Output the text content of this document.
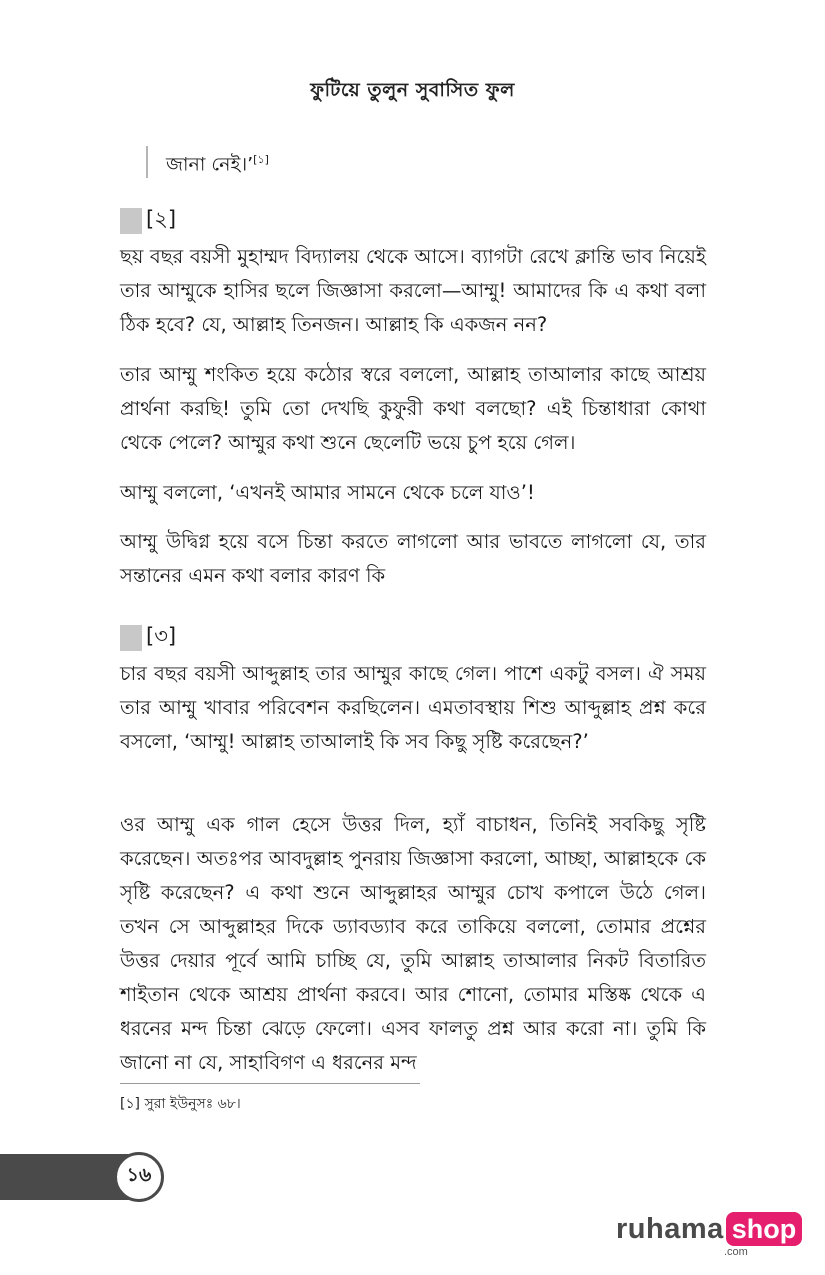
ফুটিয়ে তুলুন সুবাসিত ফুল
জানা নেই।’[১]
[২]

ছয় বছর বয়সী মুহাম্মদ বিদ্যালয় থেকে আসে। ব্যাগটা রেখে ক্লান্তি ভাব নিয়েই তার আম্মুকে হাসির ছলে জিজ্ঞাসা করলো—আম্মু! আমাদের কি এ কথা বলা ঠিক হবে? যে, আল্লাহ তিনজন। আল্লাহ কি একজন নন?

তার আম্মু শংকিত হয়ে কঠোর স্বরে বললো, আল্লাহ তাআলার কাছে আশ্রয় প্রার্থনা করছি! তুমি তো দেখছি কুফুরী কথা বলছো? এই চিন্তাধারা কোথা থেকে পেলে? আম্মুর কথা শুনে ছেলেটি ভয়ে চুপ হয়ে গেল।

আম্মু বললো, ‘এখনই আমার সামনে থেকে চলে যাও’!

আম্মু উদ্বিগ্ন হয়ে বসে চিন্তা করতে লাগলো আর ভাবতে লাগলো যে, তার সন্তানের এমন কথা বলার কারণ কি

[৩]

চার বছর বয়সী আব্দুল্লাহ তার আম্মুর কাছে গেল। পাশে একটু বসল। ঐ সময় তার আম্মু খাবার পরিবেশন করছিলেন। এমতাবস্থায় শিশু আব্দুল্লাহ প্রশ্ন করে বসলো, ‘আম্মু! আল্লাহ তাআলাই কি সব কিছু সৃষ্টি করেছেন?’

ওর আম্মু এক গাল হেসে উত্তর দিল, হ্যাঁ বাচাধন, তিনিই সবকিছু সৃষ্টি করেছেন। অতঃপর আবদুল্লাহ পুনরায় জিজ্ঞাসা করলো, আচ্ছা, আল্লাহকে কে সৃষ্টি করেছেন? এ কথা শুনে আব্দুল্লাহর আম্মুর চোখ কপালে উঠে গেল। তখন সে আব্দুল্লাহর দিকে ড্যাবড্যাব করে তাকিয়ে বললো, তোমার প্রশ্নের উত্তর দেয়ার পূর্বে আমি চাচ্ছি যে, তুমি আল্লাহ তাআলার নিকট বিতারিত শাইতান থেকে আশ্রয় প্রার্থনা করবে। আর শোনো, তোমার মস্তিষ্ক থেকে এ ধরনের মন্দ চিন্তা ঝেড়ে ফেলো। এসব ফালতু প্রশ্ন আর করো না। তুমি কি জানো না যে, সাহাবিগণ এ ধরনের মন্দ

[১] সুরা ইউনুসঃ ৬৮।
১৬
ruhama shop
.com
